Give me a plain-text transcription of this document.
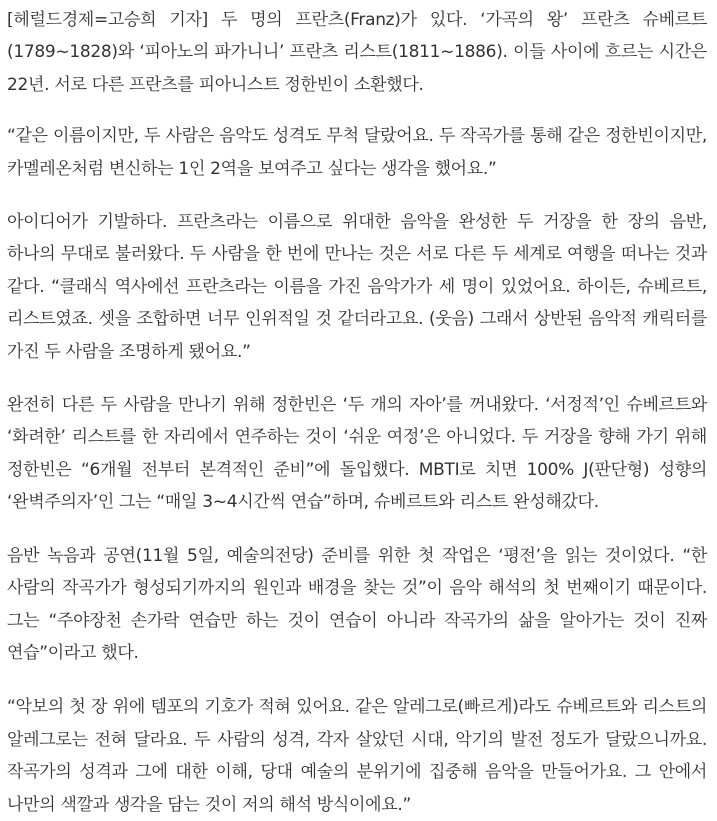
[헤럴드경제=고승희 기자] 두 명의 프란츠(Franz)가 있다. ‘가곡의 왕’ 프란츠 슈베르트(1789~1828)와 ‘피아노의 파가니니’ 프란츠 리스트(1811~1886). 이들 사이에 흐르는 시간은 22년. 서로 다른 프란츠를 피아니스트 정한빈이 소환했다.

“같은 이름이지만, 두 사람은 음악도 성격도 무척 달랐어요. 두 작곡가를 통해 같은 정한빈이지만, 카멜레온처럼 변신하는 1인 2역을 보여주고 싶다는 생각을 했어요.”

아이디어가 기발하다. 프란츠라는 이름으로 위대한 음악을 완성한 두 거장을 한 장의 음반, 하나의 무대로 불러왔다. 두 사람을 한 번에 만나는 것은 서로 다른 두 세계로 여행을 떠나는 것과 같다. “클래식 역사에선 프란츠라는 이름을 가진 음악가가 세 명이 있었어요. 하이든, 슈베르트, 리스트였죠. 셋을 조합하면 너무 인위적일 것 같더라고요. (웃음) 그래서 상반된 음악적 캐릭터를 가진 두 사람을 조명하게 됐어요.”

완전히 다른 두 사람을 만나기 위해 정한빈은 ‘두 개의 자아’를 꺼내왔다. ‘서정적’인 슈베르트와 ‘화려한’ 리스트를 한 자리에서 연주하는 것이 ‘쉬운 여정’은 아니었다. 두 거장을 향해 가기 위해 정한빈은 “6개월 전부터 본격적인 준비”에 돌입했다. MBTI로 치면 100% J(판단형) 성향의 ‘완벽주의자’인 그는 “매일 3~4시간씩 연습”하며, 슈베르트와 리스트 완성해갔다.

음반 녹음과 공연(11월 5일, 예술의전당) 준비를 위한 첫 작업은 ‘평전’을 읽는 것이었다. “한 사람의 작곡가가 형성되기까지의 원인과 배경을 찾는 것”이 음악 해석의 첫 번째이기 때문이다. 그는 “주야장천 손가락 연습만 하는 것이 연습이 아니라 작곡가의 삶을 알아가는 것이 진짜 연습”이라고 했다.

“악보의 첫 장 위에 템포의 기호가 적혀 있어요. 같은 알레그로(빠르게)라도 슈베르트와 리스트의 알레그로는 전혀 달라요. 두 사람의 성격, 각자 살았던 시대, 악기의 발전 정도가 달랐으니까요. 작곡가의 성격과 그에 대한 이해, 당대 예술의 분위기에 집중해 음악을 만들어가요. 그 안에서 나만의 색깔과 생각을 담는 것이 저의 해석 방식이에요.”
